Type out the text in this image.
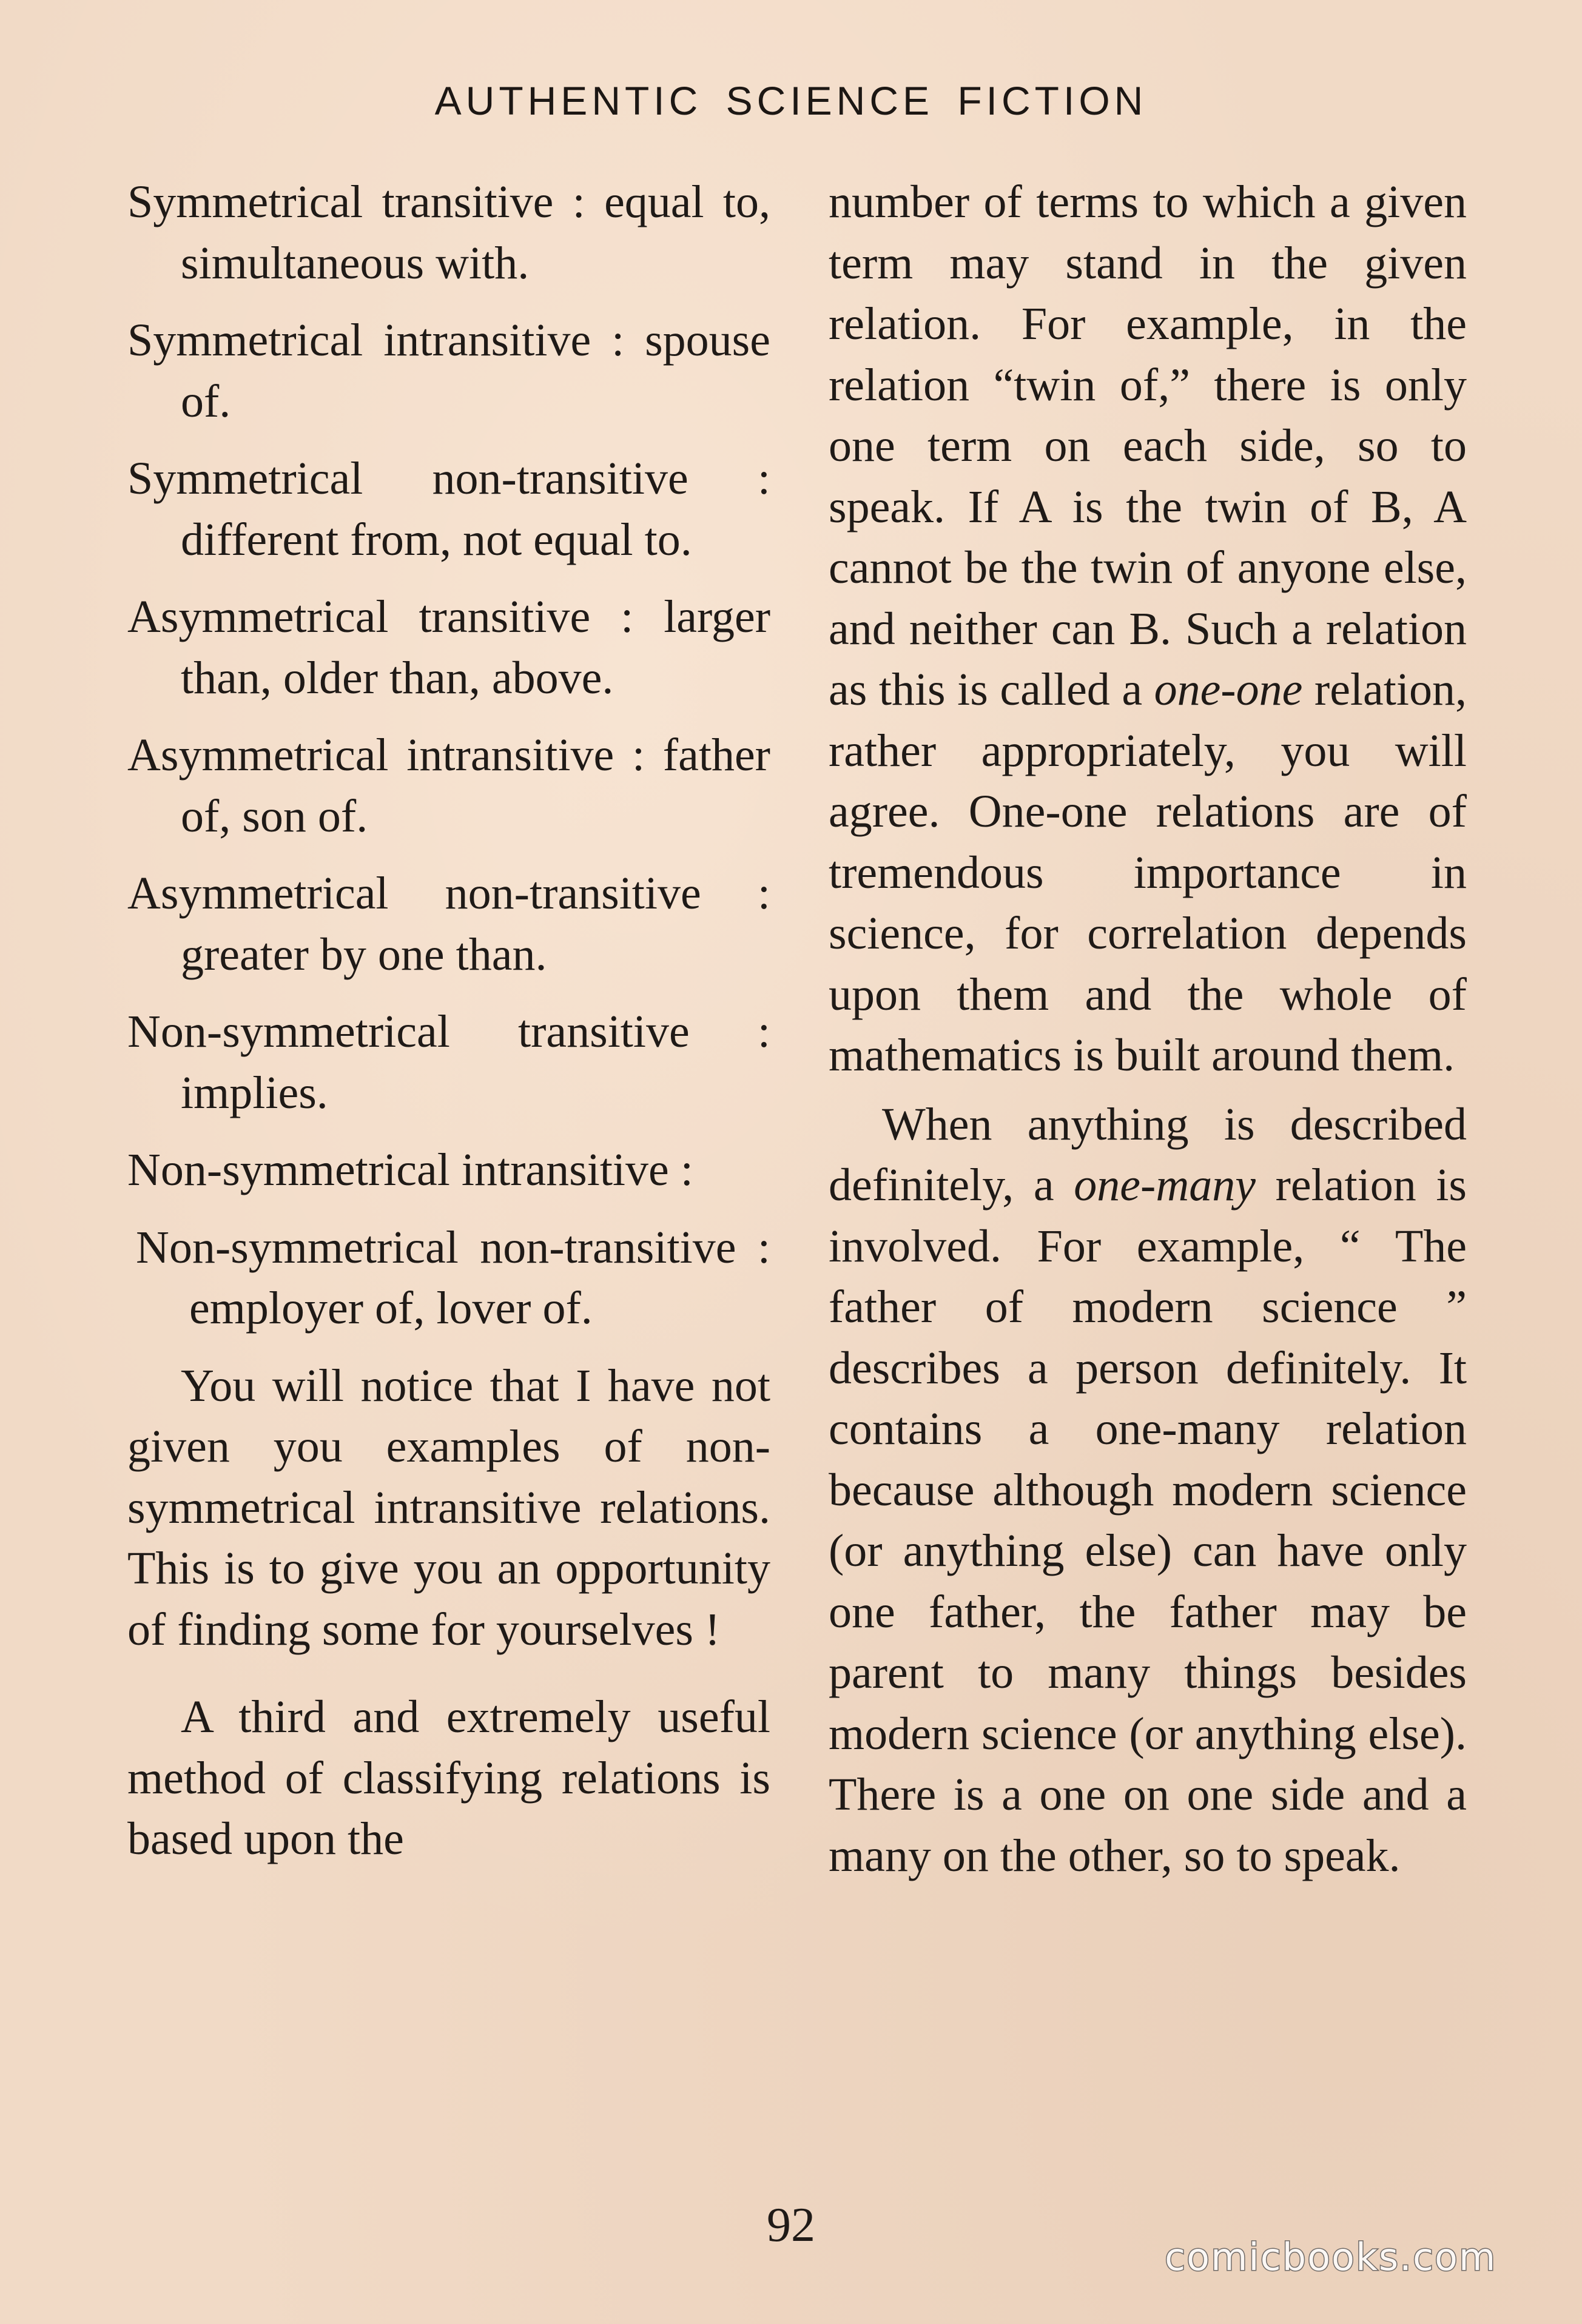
AUTHENTIC SCIENCE FICTION

Symmetrical transitive : equal to, simultaneous with.

Symmetrical intransitive : spouse of.

Symmetrical non-transitive : different from, not equal to.

Asymmetrical transitive : larger than, older than, above.

Asymmetrical intransitive : father of, son of.

Asymmetrical non-transitive : greater by one than.

Non-symmetrical transitive : implies.

Non-symmetrical intransitive :

Non-symmetrical non-transitive : employer of, lover of.

You will notice that I have not given you examples of non-symmetrical intransitive relations. This is to give you an opportunity of finding some for yourselves !

A third and extremely useful method of classifying relations is based upon the

number of terms to which a given term may stand in the given relation. For example, in the relation “twin of,” there is only one term on each side, so to speak. If A is the twin of B, A cannot be the twin of anyone else, and neither can B. Such a relation as this is called a one-one relation, rather appropriately, you will agree. One-one relations are of tremendous importance in science, for correlation depends upon them and the whole of mathematics is built around them.

When anything is described definitely, a one-many relation is involved. For example, “ The father of modern science ” describes a person definitely. It contains a one-many relation because although modern science (or anything else) can have only one father, the father may be parent to many things besides modern science (or anything else). There is a one on one side and a many on the other, so to speak.

92
comicbooks.com
